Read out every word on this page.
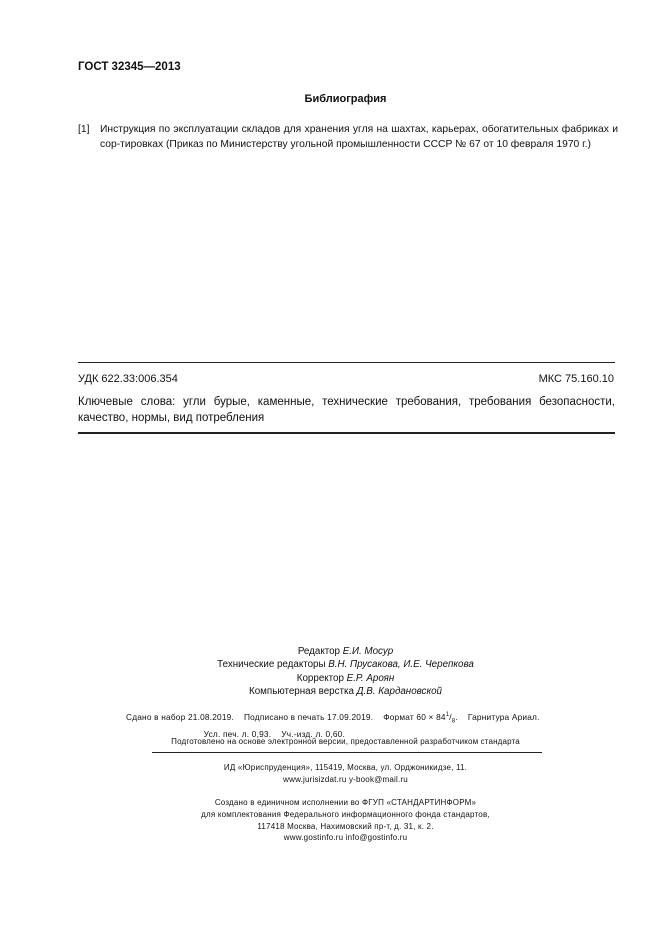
ГОСТ 32345—2013
Библиография
[1]	Инструкция по эксплуатации складов для хранения угля на шахтах, карьерах, обогатительных фабриках и сор-тировках (Приказ по Министерству угольной промышленности СССР № 67 от 10 февраля 1970 г.)
УДК 622.33:006.354	МКС 75.160.10
Ключевые слова: угли бурые, каменные, технические требования, требования безопасности, качество, нормы, вид потребления
Редактор Е.И. Мосур
Технические редакторы В.Н. Прусакова, И.Е. Черепкова
Корректор Е.Р. Ароян
Компьютерная верстка Д.В. Кардановской
Сдано в набор 21.08.2019. Подписано в печать 17.09.2019. Формат $60 \times 84^1/_8$.    Гарнитура Ариал.
Усл. печ. л. 0,93. Уч.-изд. л. 0,60.
Подготовлено на основе электронной версии, предоставленной разработчиком стандарта
ИД «Юриспруденция», 115419, Москва, ул. Орджоникидзе, 11.
www.jurisizdat.ru y-book@mail.ru
Создано в единичном исполнении во ФГУП «СТАНДАРТИНФОРМ»
для комплектования Федерального информационного фонда стандартов,
117418 Москва, Нахимовский пр-т, д. 31, к. 2.
www.gostinfo.ru info@gostinfo.ru
